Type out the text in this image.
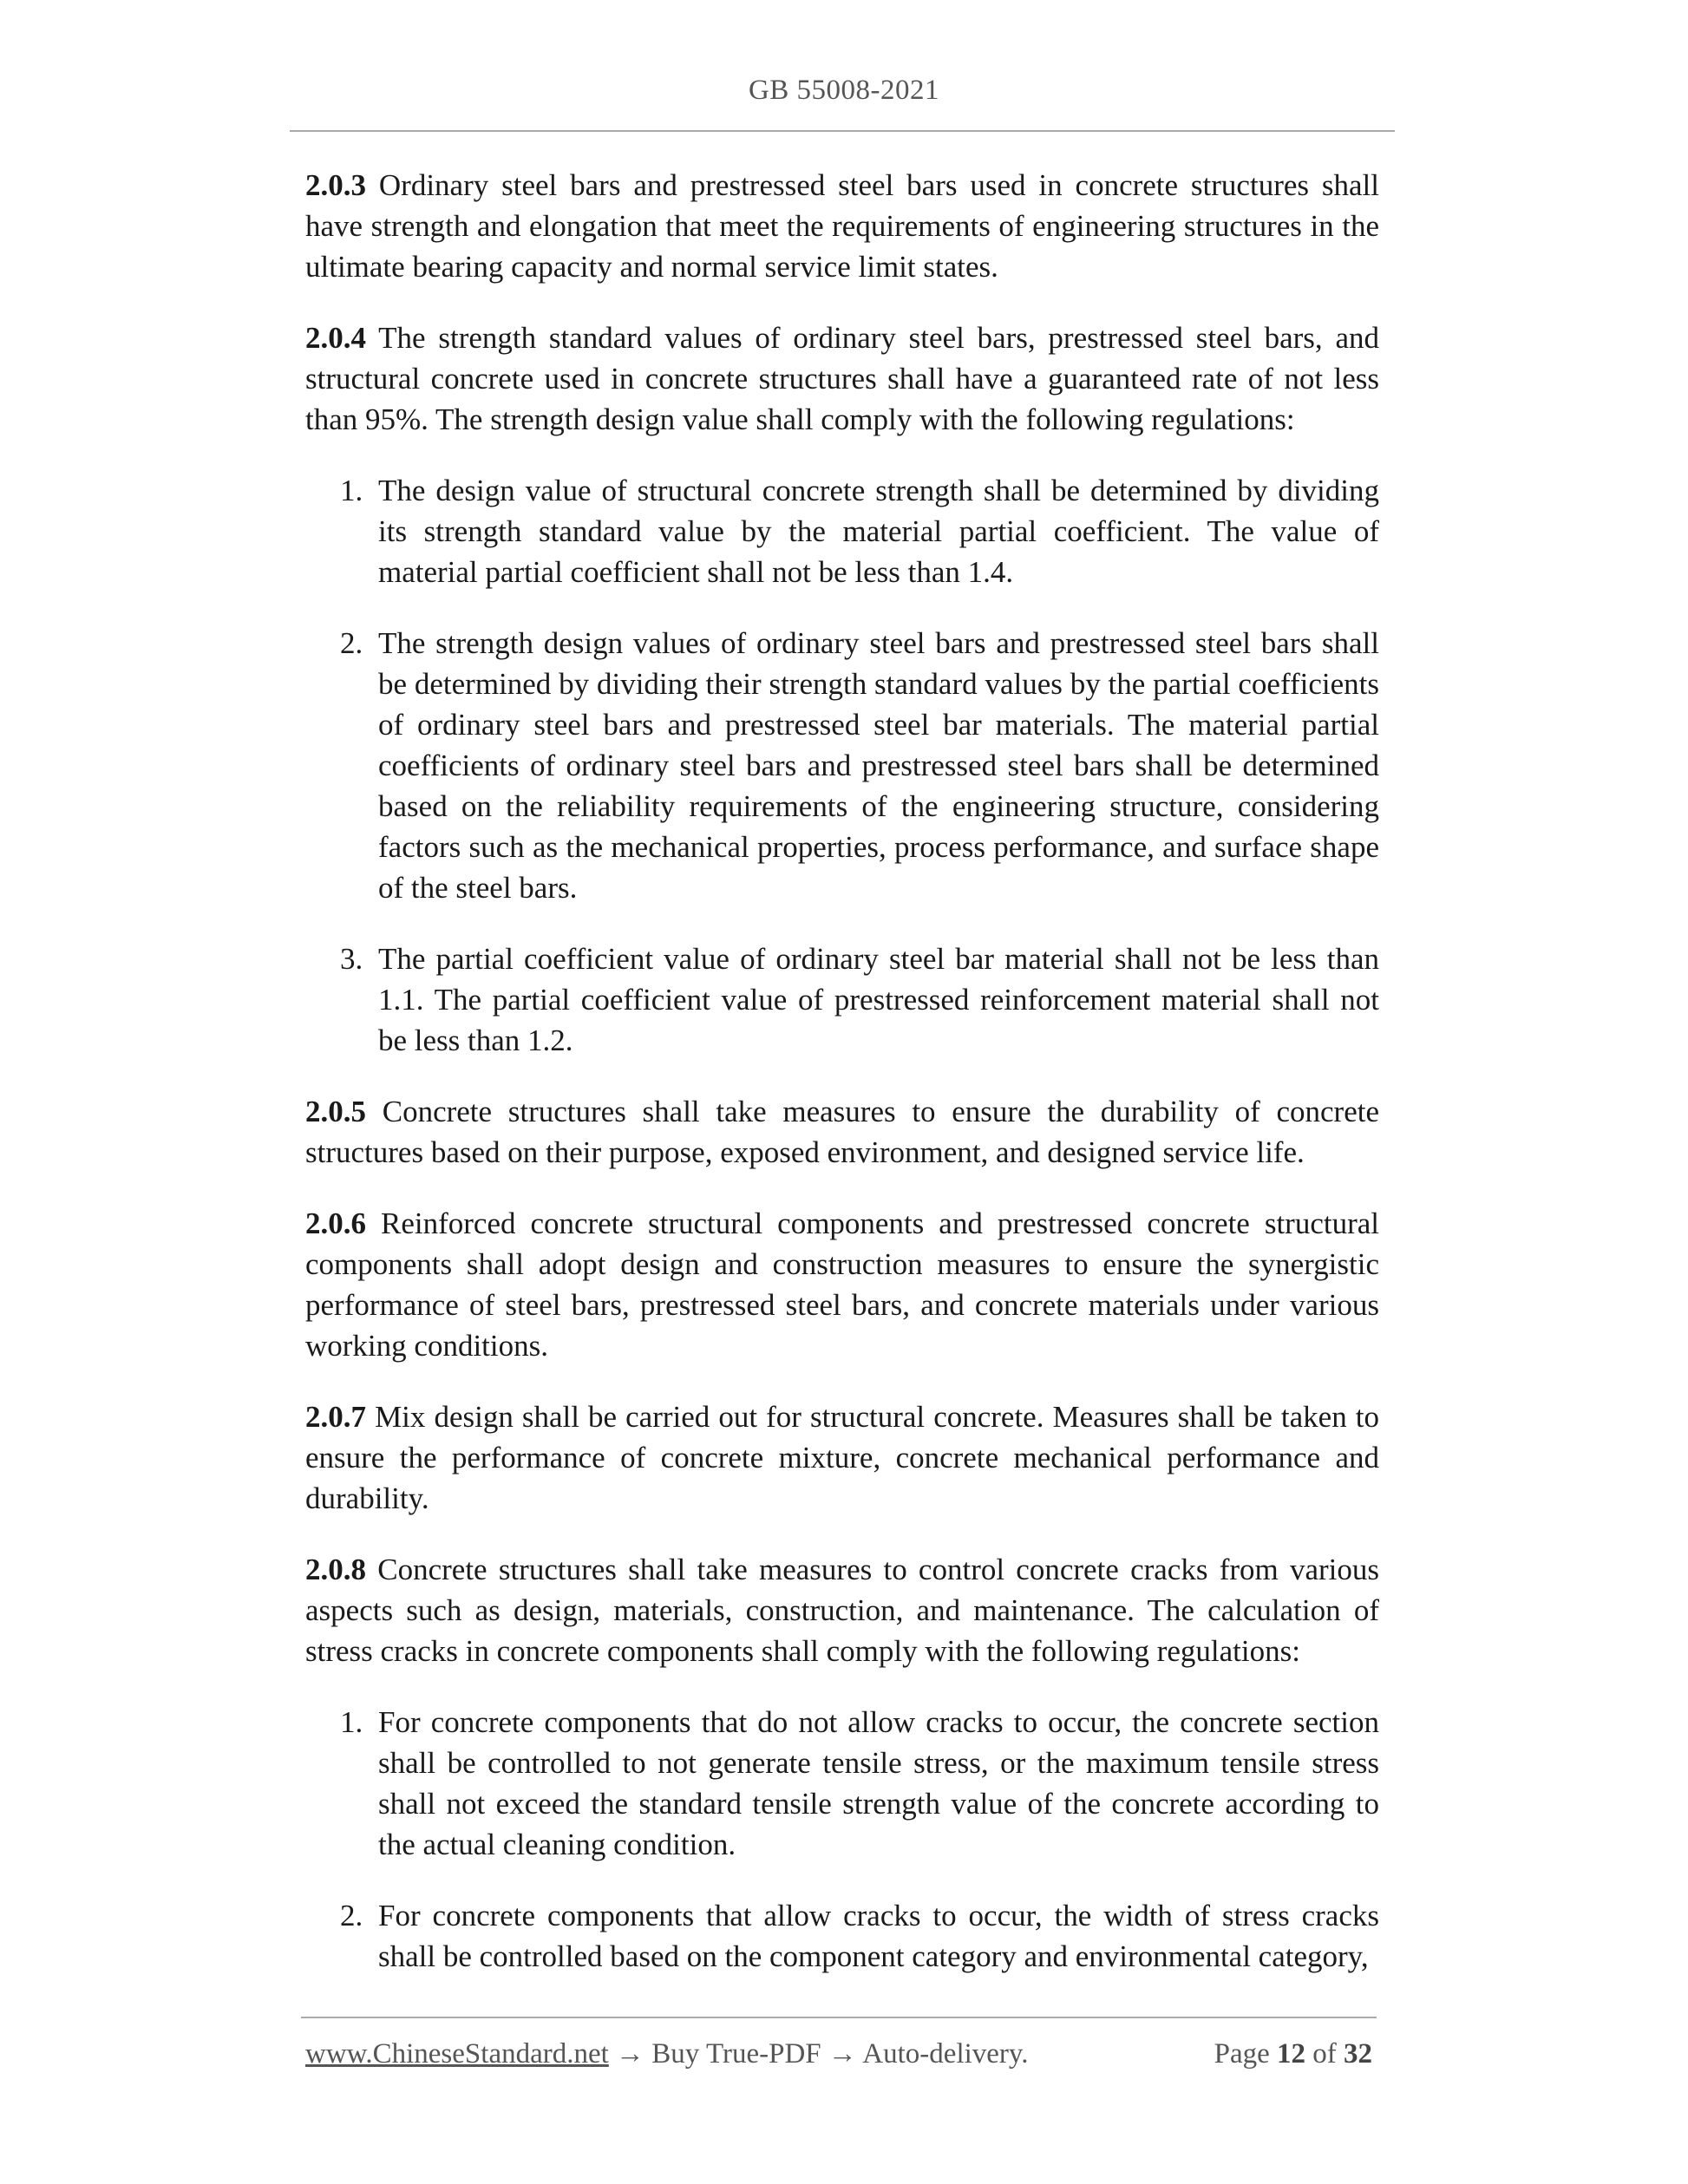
GB 55008-2021

2.0.3 Ordinary steel bars and prestressed steel bars used in concrete structures shall have strength and elongation that meet the requirements of engineering structures in the ultimate bearing capacity and normal service limit states.

2.0.4 The strength standard values of ordinary steel bars, prestressed steel bars, and structural concrete used in concrete structures shall have a guaranteed rate of not less than 95%. The strength design value shall comply with the following regulations:

1. The design value of structural concrete strength shall be determined by dividing its strength standard value by the material partial coefficient. The value of material partial coefficient shall not be less than 1.4.
2. The strength design values of ordinary steel bars and prestressed steel bars shall be determined by dividing their strength standard values by the partial coefficients of ordinary steel bars and prestressed steel bar materials. The material partial coefficients of ordinary steel bars and prestressed steel bars shall be determined based on the reliability requirements of the engineering structure, considering factors such as the mechanical properties, process performance, and surface shape of the steel bars.
3. The partial coefficient value of ordinary steel bar material shall not be less than 1.1. The partial coefficient value of prestressed reinforcement material shall not be less than 1.2.

2.0.5 Concrete structures shall take measures to ensure the durability of concrete structures based on their purpose, exposed environment, and designed service life.

2.0.6 Reinforced concrete structural components and prestressed concrete structural components shall adopt design and construction measures to ensure the synergistic performance of steel bars, prestressed steel bars, and concrete materials under various working conditions.

2.0.7 Mix design shall be carried out for structural concrete. Measures shall be taken to ensure the performance of concrete mixture, concrete mechanical performance and durability.

2.0.8 Concrete structures shall take measures to control concrete cracks from various aspects such as design, materials, construction, and maintenance. The calculation of stress cracks in concrete components shall comply with the following regulations:

1. For concrete components that do not allow cracks to occur, the concrete section shall be controlled to not generate tensile stress, or the maximum tensile stress shall not exceed the standard tensile strength value of the concrete according to the actual cleaning condition.
2. For concrete components that allow cracks to occur, the width of stress cracks shall be controlled based on the component category and environmental category,
www.ChineseStandard.net → Buy True-PDF → Auto-delivery.	Page 12 of 32
